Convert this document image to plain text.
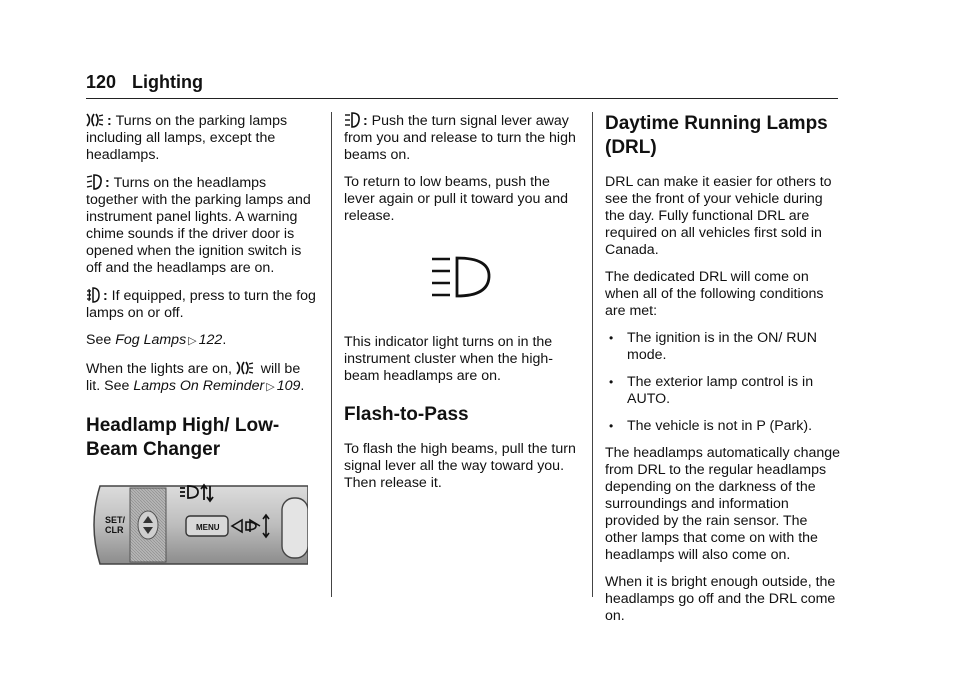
120 Lighting

: Turns on the parking lamps including all lamps, except the headlamps.

: Turns on the headlamps together with the parking lamps and instrument panel lights. A warning chime sounds if the driver door is opened when the ignition switch is off and the headlamps are on.

: If equipped, press to turn the fog lamps on or off.

See Fog Lamps ▷ 122.

When the lights are on,  will be lit. See Lamps On Reminder ▷ 109.

Headlamp High/ Low-Beam Changer
SET/
CLR	MENU

: Push the turn signal lever away from you and release to turn the high beams on.

To return to low beams, push the lever again or pull it toward you and release.

This indicator light turns on in the instrument cluster when the high-beam headlamps are on.

Flash-to-Pass

To flash the high beams, pull the turn signal lever all the way toward you. Then release it.

Daytime Running Lamps (DRL)

DRL can make it easier for others to see the front of your vehicle during the day. Fully functional DRL are required on all vehicles first sold in Canada.

The dedicated DRL will come on when all of the following conditions are met:

• The ignition is in the ON/ RUN mode.
• The exterior lamp control is in AUTO.
• The vehicle is not in P (Park).

The headlamps automatically change from DRL to the regular headlamps depending on the darkness of the surroundings and information provided by the rain sensor. The other lamps that come on with the headlamps will also come on.

When it is bright enough outside, the headlamps go off and the DRL come on.
